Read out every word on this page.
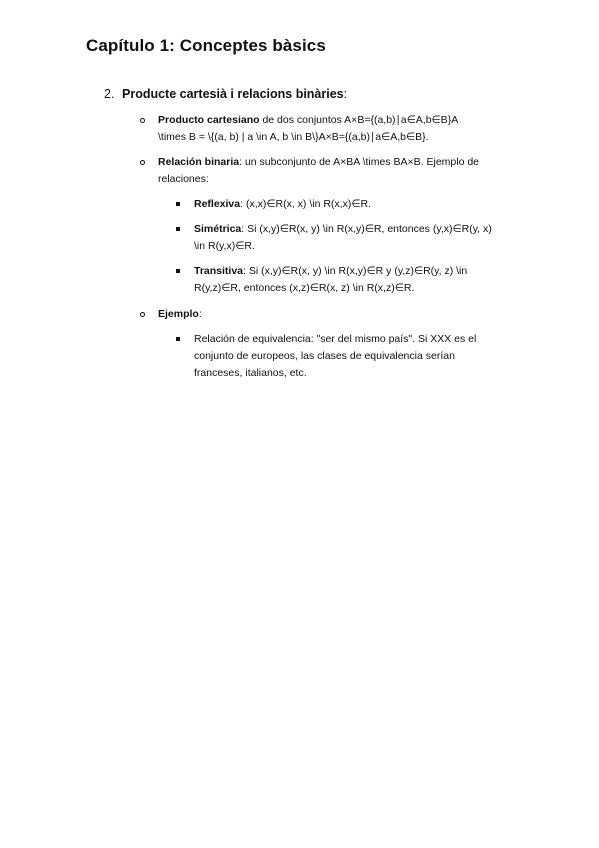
Capítulo 1: Conceptes bàsics
2. Producte cartesià i relacions binàries :
Producto cartesiano de dos conjuntos A×B={(a,b)∣a∈A,b∈B}A
\times B = \{(a, b) | a \in A, b \in B\}A×B={(a,b)∣a∈A,b∈B}.
Relación binaria: un subconjunto de A×BA \times BA×B. Ejemplo de
relaciones:
Reflexiva: (x,x)∈R(x, x) \in R(x,x)∈R.
Simétrica: Si (x,y)∈R(x, y) \in R(x,y)∈R, entonces (y,x)∈R(y, x)
\in R(y,x)∈R.
Transitiva: Si (x,y)∈R(x, y) \in R(x,y)∈R y (y,z)∈R(y, z) \in
R(y,z)∈R, entonces (x,z)∈R(x, z) \in R(x,z)∈R.
Ejemplo:
Relación de equivalencia: "ser del mismo país". Si XXX es el
conjunto de europeos, las clases de equivalencia serían
franceses, italianos, etc.
